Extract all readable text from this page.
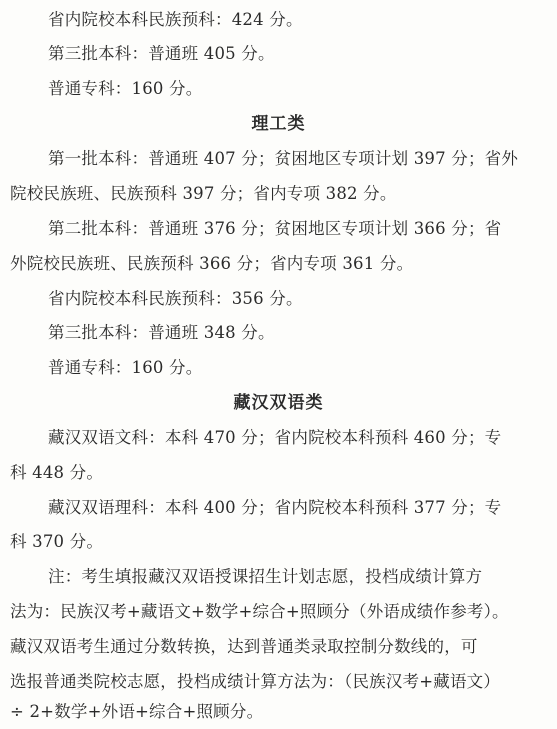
省内院校本科民族预科：424 分。
第三批本科：普通班 405 分。
普通专科：160 分。
理工类
第一批本科：普通班 407 分；贫困地区专项计划 397 分；省外
院校民族班、民族预科 397 分；省内专项 382 分。
第二批本科：普通班 376 分；贫困地区专项计划 366 分；省
外院校民族班、民族预科 366 分；省内专项 361 分。
省内院校本科民族预科：356 分。
第三批本科：普通班 348 分。
普通专科：160 分。
藏汉双语类
藏汉双语文科：本科 470 分；省内院校本科预科 460 分；专
科 448 分。
藏汉双语理科：本科 400 分；省内院校本科预科 377 分；专
科 370 分。
注：考生填报藏汉双语授课招生计划志愿，投档成绩计算方
法为：民族汉考+藏语文+数学+综合+照顾分（外语成绩作参考）。
藏汉双语考生通过分数转换，达到普通类录取控制分数线的，可
选报普通类院校志愿，投档成绩计算方法为：（民族汉考+藏语文）
÷ 2+数学+外语+综合+照顾分。
